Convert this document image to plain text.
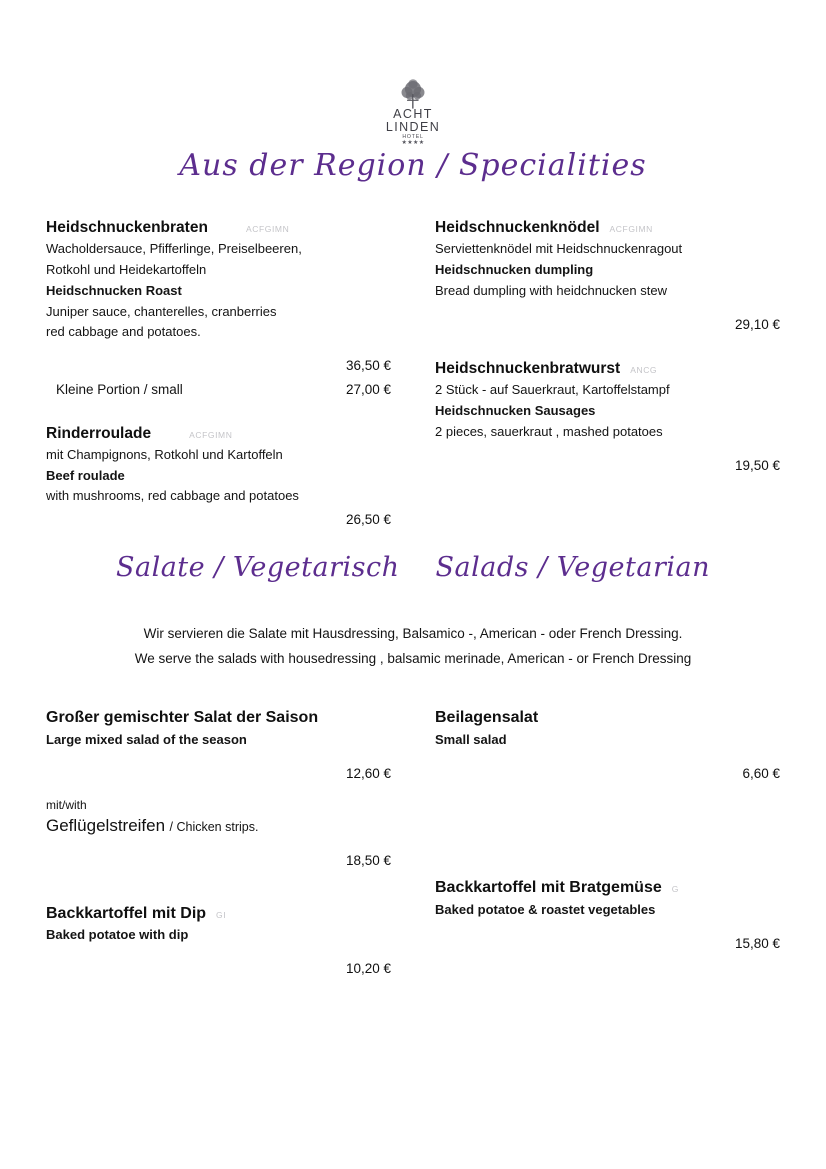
ACHT
LINDEN
HOTEL
★★★★
Aus der Region / Specialities
Heidschnuckenbraten	ACFGIMN
Wacholdersauce, Pfifferlinge, Preiselbeeren,
Rotkohl und Heidekartoffeln
Heidschnucken Roast
Juniper sauce, chanterelles, cranberries
red cabbage and potatoes.
36,50 €
Kleine Portion / small	27,00 €
Rinderroulade	ACFGIMN
mit Champignons, Rotkohl und Kartoffeln
Beef roulade
with mushrooms, red cabbage and potatoes
26,50 €
Heidschnuckenknödel ACFGIMN
Serviettenknödel mit Heidschnuckenragout
Heidschnucken dumpling
Bread dumpling with heidchnucken stew
29,10 €
Heidschnuckenbratwurst ANCG
2 Stück - auf Sauerkraut, Kartoffelstampf
Heidschnucken Sausages
2 pieces, sauerkraut , mashed potatoes
19,50 €
Salate / Vegetarisch Salads / Vegetarian
Wir servieren die Salate mit Hausdressing, Balsamico -, American - oder French Dressing.
We serve the salads with housedressing , balsamic merinade, American - or French Dressing
Großer gemischter Salat der Saison
Large mixed salad of the season
12,60 €
mit/with
Geflügelstreifen / Chicken strips.
18,50 €
Backkartoffel mit Dip GI
Baked potatoe with dip
10,20 €
Beilagensalat
Small salad
6,60 €
Backkartoffel mit Bratgemüse G
Baked potatoe & roastet vegetables
15,80 €
